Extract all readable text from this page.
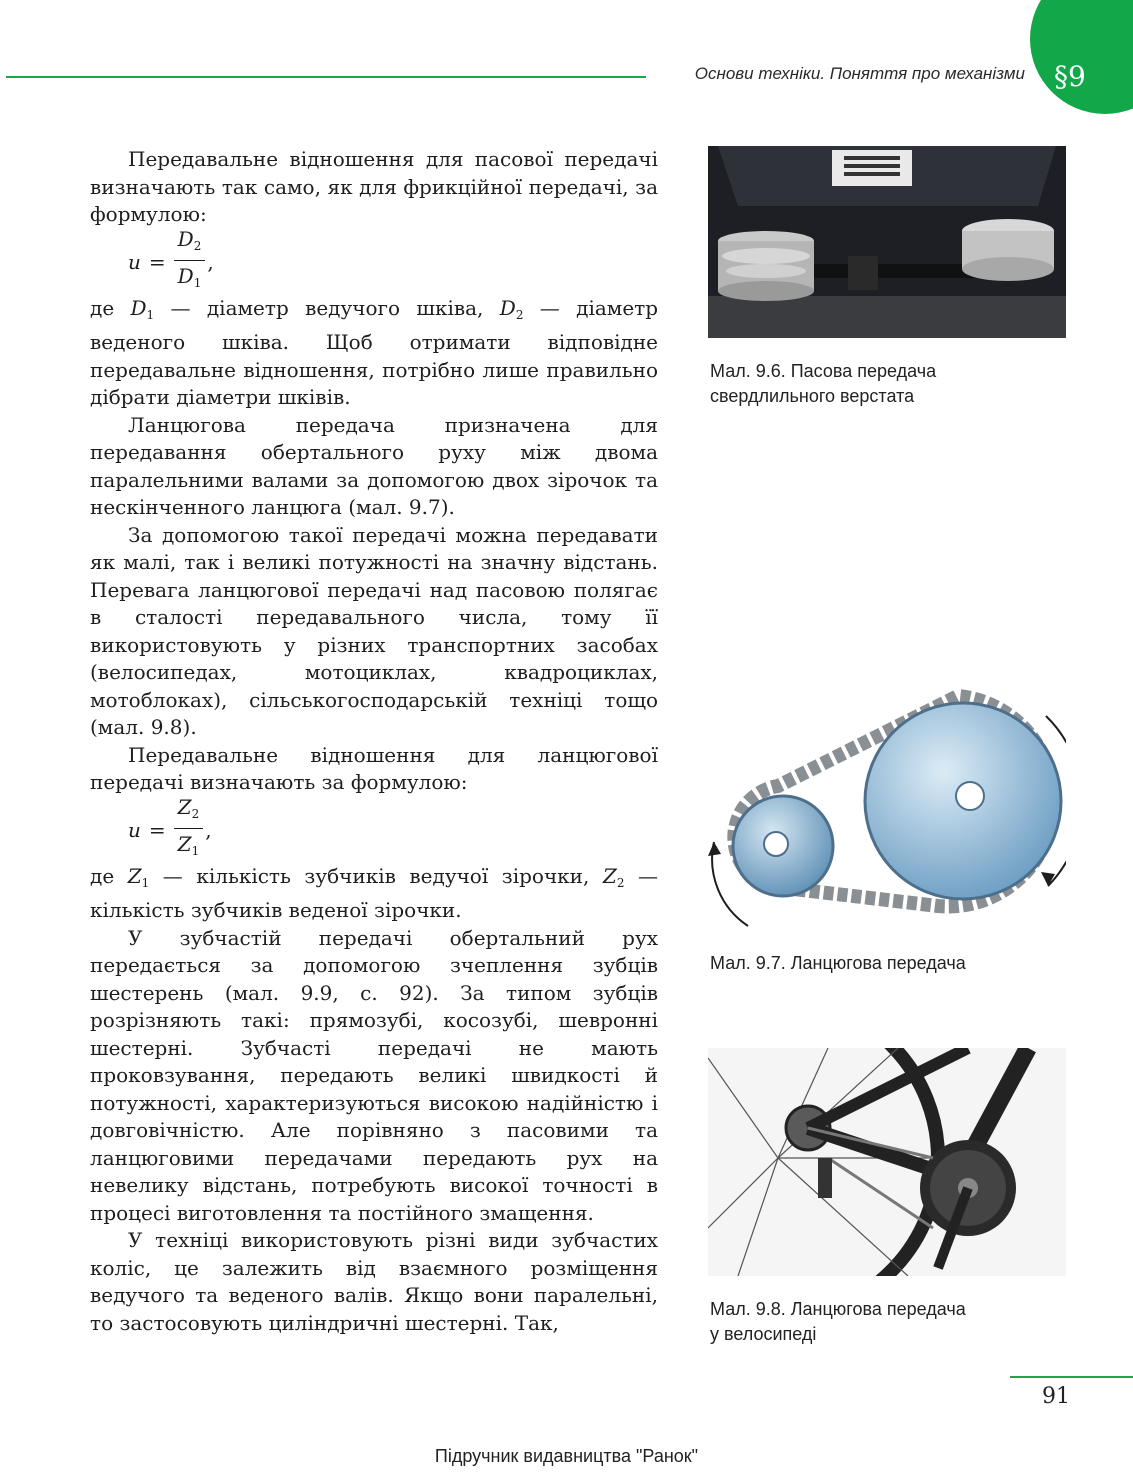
Основи техніки. Поняття про механізми §9

Передавальне відношення для пасової передачі визначають так само, як для фрикційної передачі, за формулою:

$u = \frac{D_2}{D_1}$ ,

де $D_1$ — діаметр ведучого шківа, $D_2$ — діаметр веденого шківа. Щоб отримати відповідне передавальне відношення, потрібно лише правильно дібрати діаметри шківів.

Ланцюгова передача призначена для передавання обертального руху між двома паралельними валами за допомогою двох зірочок та нескінченного ланцюга (мал. 9.7).

За допомогою такої передачі можна передавати як малі, так і великі потужності на значну відстань. Перевага ланцюгової передачі над пасовою полягає в сталості передавального числа, тому її використовують у різних транспортних засобах (велосипедах, мотоциклах, квадроциклах, мотоблоках), сільськогосподарській техніці тощо (мал. 9.8).

Передавальне відношення для ланцюгової передачі визначають за формулою:

$u = \frac{Z_2}{Z_1}$ ,

де $Z_1$ — кількість зубчиків ведучої зірочки, $Z_2$ — кількість зубчиків веденої зірочки.

У зубчастій передачі обертальний рух передається за допомогою зчеплення зубців шестерень (мал. 9.9, с. 92). За типом зубців розрізняють такі: прямозубі, косозубі, шевронні шестерні. Зубчасті передачі не мають проковзування, передають великі швидкості й потужності, характеризуються високою надійністю і довговічністю. Але порівняно з пасовими та ланцюговими передачами передають рух на невелику відстань, потребують високої точності в процесі виготовлення та постійного змащення.

У техніці використовують різні види зубчастих коліс, це залежить від взаємного розміщення ведучого та веденого валів. Якщо вони паралельні, то застосовують циліндричні шестерні. Так,

Мал. 9.6. Пасова передача
свердлильного верстата
Мал. 9.7. Ланцюгова передача
Мал. 9.8. Ланцюгова передача
у велосипеді
91
Підручник видавництва "Ранок"
